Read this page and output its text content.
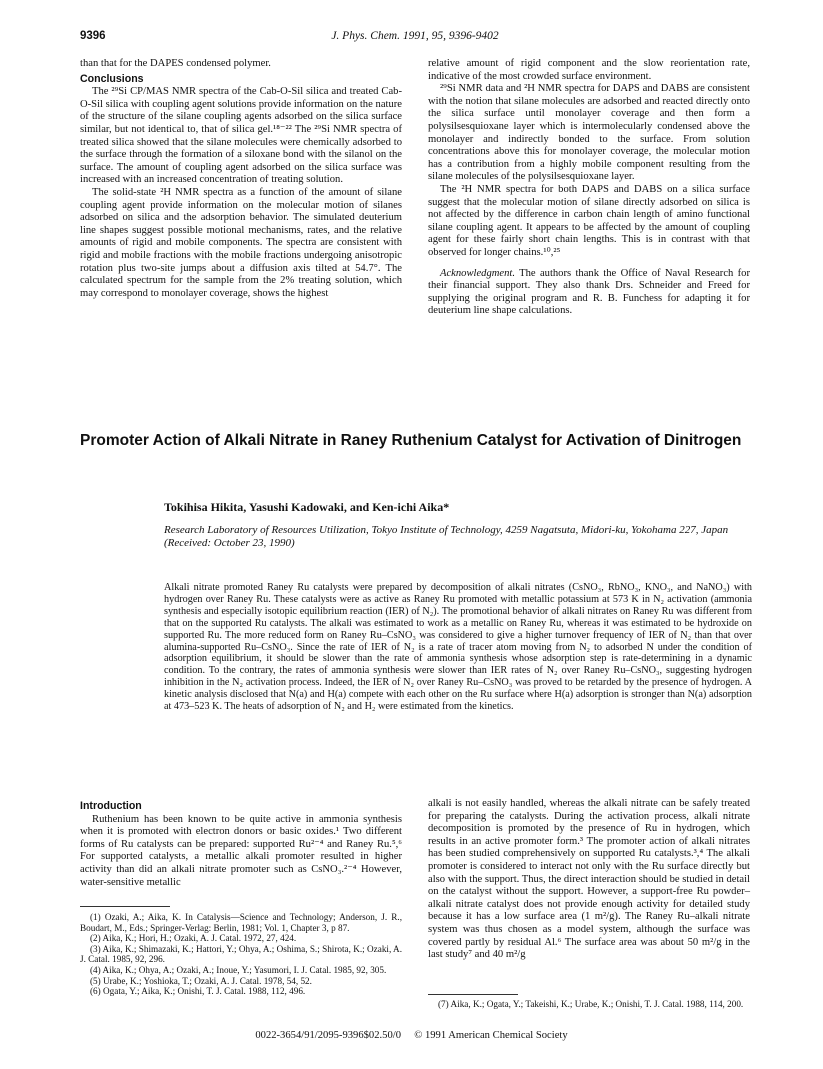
9396	J. Phys. Chem. 1991, 95, 9396-9402

than that for the DAPES condensed polymer.

Conclusions

The ²⁹Si CP/MAS NMR spectra of the Cab-O-Sil silica and treated Cab-O-Sil silica with coupling agent solutions provide information on the nature of the structure of the silane coupling agents adsorbed on the silica surface similar, but not identical to, that of silica gel.¹⁸⁻²² The ²⁹Si NMR spectra of treated silica showed that the silane molecules were chemically adsorbed to the surface through the formation of a siloxane bond with the silanol on the surface. The amount of coupling agent adsorbed on the silica surface was increased with an increased concentration of treating solution.

The solid-state ²H NMR spectra as a function of the amount of silane coupling agent provide information on the molecular motion of silanes adsorbed on silica and the adsorption behavior. The simulated deuterium line shapes suggest possible motional mechanisms, rates, and the relative amounts of rigid and mobile components. The spectra are consistent with rigid and mobile fractions with the mobile fractions undergoing anisotropic rotation plus two-site jumps about a diffusion axis tilted at 54.7°. The calculated spectrum for the sample from the 2% treating solution, which may correspond to monolayer coverage, shows the highest

relative amount of rigid component and the slow reorientation rate, indicative of the most crowded surface environment.

²⁹Si NMR data and ²H NMR spectra for DAPS and DABS are consistent with the notion that silane molecules are adsorbed and reacted directly onto the silica surface until monolayer coverage and then form a polysilsesquioxane layer which is intermolecularly condensed above the monolayer and indirectly bonded to the surface. From solution concentrations above this for monolayer coverage, the molecular motion has a contribution from a highly mobile component resulting from the silane molecules of the polysilsesquioxane layer.

The ²H NMR spectra for both DAPS and DABS on a silica surface suggest that the molecular motion of silane directly adsorbed on silica is not affected by the difference in carbon chain length of amino functional silane coupling agent. It appears to be affected by the amount of coupling agent for these fairly short chain lengths. This is in contrast with that observed for longer chains.¹⁰,²⁵

Acknowledgment. The authors thank the Office of Naval Research for their financial support. They also thank Drs. Schneider and Freed for supplying the original program and R. B. Funchess for adapting it for deuterium line shape calculations.

Promoter Action of Alkali Nitrate in Raney Ruthenium Catalyst for Activation of Dinitrogen
Tokihisa Hikita, Yasushi Kadowaki, and Ken-ichi Aika*
Research Laboratory of Resources Utilization, Tokyo Institute of Technology, 4259 Nagatsuta, Midori-ku, Yokohama 227, Japan (Received: October 23, 1990)
Alkali nitrate promoted Raney Ru catalysts were prepared by decomposition of alkali nitrates (CsNO₃, RbNO₃, KNO₃, and NaNO₃) with hydrogen over Raney Ru. These catalysts were as active as Raney Ru promoted with metallic potassium at 573 K in N₂ activation (ammonia synthesis and especially isotopic equilibrium reaction (IER) of N₂). The promotional behavior of alkali nitrates on Raney Ru was different from that on the supported Ru catalysts. The alkali was estimated to work as a metallic on Raney Ru, whereas it was estimated to be hydroxide on supported Ru. The more reduced form on Raney Ru–CsNO₃ was considered to give a higher turnover frequency of IER of N₂ than that over alumina-supported Ru–CsNO₃. Since the rate of IER of N₂ is a rate of tracer atom moving from N₂ to adsorbed N under the condition of adsorption equilibrium, it should be slower than the rate of ammonia synthesis whose adsorption step is rate-determining in a dynamic condition. To the contrary, the rates of ammonia synthesis were slower than IER rates of N₂ over Raney Ru–CsNO₃, suggesting hydrogen inhibition in the N₂ activation process. Indeed, the IER of N₂ over Raney Ru–CsNO₃ was proved to be retarded by the presence of hydrogen. A kinetic analysis disclosed that N(a) and H(a) compete with each other on the Ru surface where H(a) adsorption is stronger than N(a) adsorption at 473–523 K. The heats of adsorption of N₂ and H₂ were estimated from the kinetics.
Introduction

Ruthenium has been known to be quite active in ammonia synthesis when it is promoted with electron donors or basic oxides.¹ Two different forms of Ru catalysts can be prepared: supported Ru²⁻⁴ and Raney Ru.⁵,⁶ For supported catalysts, a metallic alkali promoter resulted in higher activity than did an alkali nitrate promoter such as CsNO₃.²⁻⁴ However, water-sensitive metallic

(1) Ozaki, A.; Aika, K. In Catalysis—Science and Technology; Anderson, J. R., Boudart, M., Eds.; Springer-Verlag: Berlin, 1981; Vol. 1, Chapter 3, p 87.

(2) Aika, K.; Hori, H.; Ozaki, A. J. Catal. 1972, 27, 424.

(3) Aika, K.; Shimazaki, K.; Hattori, Y.; Ohya, A.; Oshima, S.; Shirota, K.; Ozaki, A. J. Catal. 1985, 92, 296.

(4) Aika, K.; Ohya, A.; Ozaki, A.; Inoue, Y.; Yasumori, I. J. Catal. 1985, 92, 305.

(5) Urabe, K.; Yoshioka, T.; Ozaki, A. J. Catal. 1978, 54, 52.

(6) Ogata, Y.; Aika, K.; Onishi, T. J. Catal. 1988, 112, 496.

alkali is not easily handled, whereas the alkali nitrate can be safely treated for preparing the catalysts. During the activation process, alkali nitrate decomposition is promoted by the presence of Ru in hydrogen, which results in an active promoter form.³ The promoter action of alkali nitrates has been studied comprehensively on supported Ru catalysts.³,⁴ The alkali promoter is considered to interact not only with the Ru surface directly but also with the support. Thus, the direct interaction should be studied in detail on the catalyst without the support. However, a support-free Ru powder–alkali nitrate catalyst does not provide enough activity for detailed study because it has a low surface area (1 m²/g). The Raney Ru–alkali nitrate system was thus chosen as a model system, although the surface was covered partly by residual Al.⁶ The surface area was about 50 m²/g in the last study⁷ and 40 m²/g

(7) Aika, K.; Ogata, Y.; Takeishi, K.; Urabe, K.; Onishi, T. J. Catal. 1988, 114, 200.

0022-3654/91/2095-9396$02.50/0 © 1991 American Chemical Society
